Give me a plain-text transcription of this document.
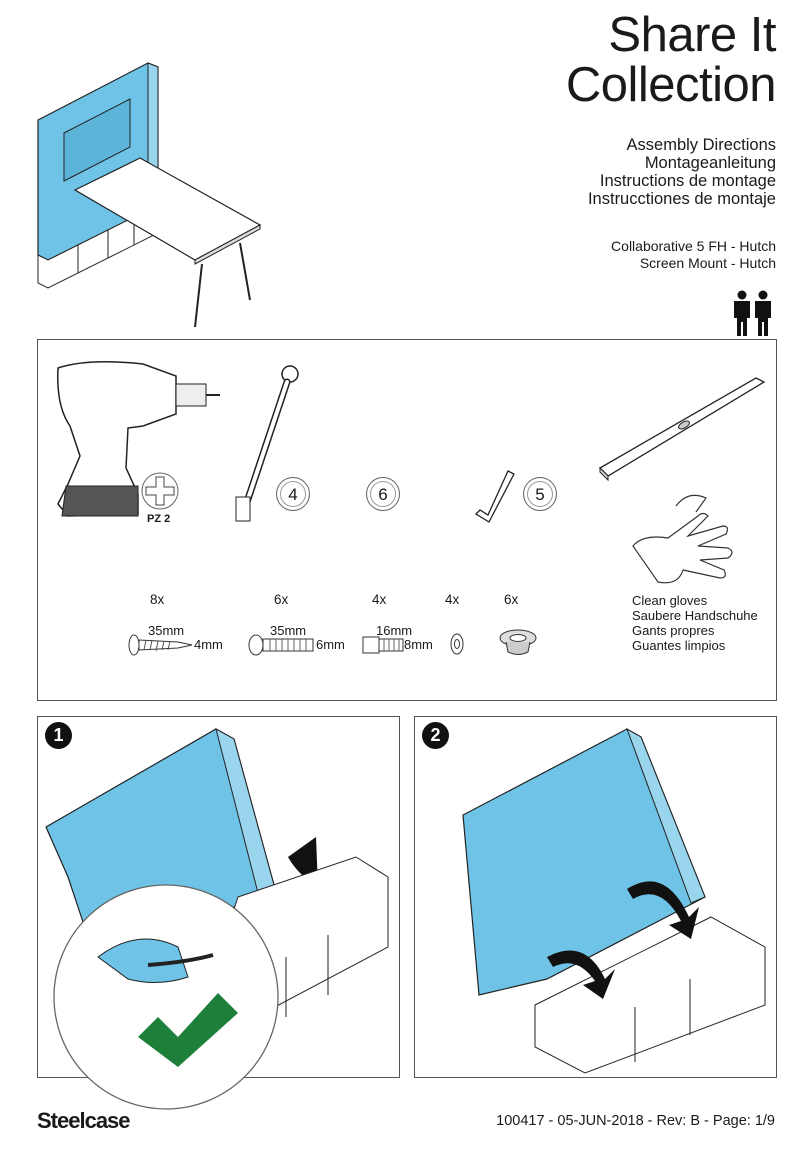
Share It
Collection
Assembly Directions
Montageanleitung
Instructions de montage
Instrucctiones de montaje
Collaborative 5 FH - Hutch
Screen Mount - Hutch
PZ 2
4	6	5
Clean gloves
Saubere Handschuhe
Gants propres
Guantes limpios
8x	6x	4x	4x	6x
35mm
4mm
35mm
6mm
16mm
8mm
1	2
Steelcase	100417 - 05-JUN-2018 - Rev: B - Page: 1/9
